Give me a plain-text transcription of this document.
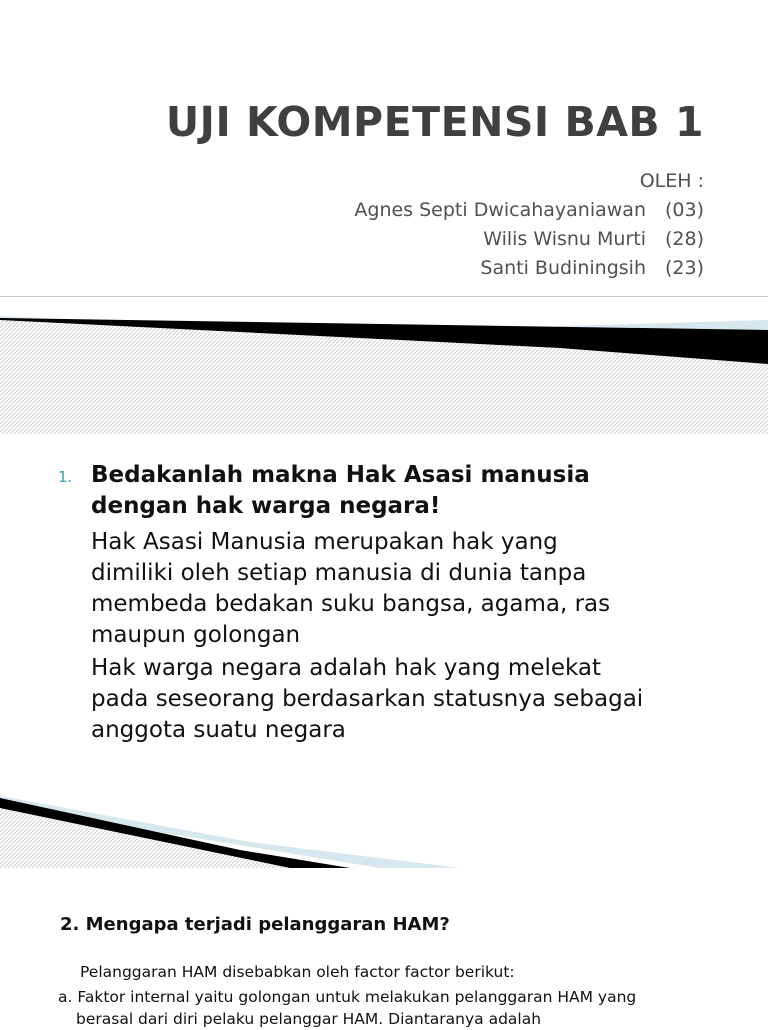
UJI KOMPETENSI BAB 1
OLEH :
Agnes Septi Dwicahayaniawan (03)
Wilis Wisnu Murti (28)
Santi Budiningsih (23)
1. Bedakanlah makna Hak Asasi manusia
dengan hak warga negara!
Hak Asasi Manusia merupakan hak yang
dimiliki oleh setiap manusia di dunia tanpa
membeda bedakan suku bangsa, agama, ras
maupun golongan
Hak warga negara adalah hak yang melekat
pada seseorang berdasarkan statusnya sebagai
anggota suatu negara

2. Mengapa terjadi pelanggaran HAM?

Pelanggaran HAM disebabkan oleh factor factor berikut:

a. Faktor internal yaitu golongan untuk melakukan pelanggaran HAM yang
berasal dari diri pelaku pelanggar HAM. Diantaranya adalah
